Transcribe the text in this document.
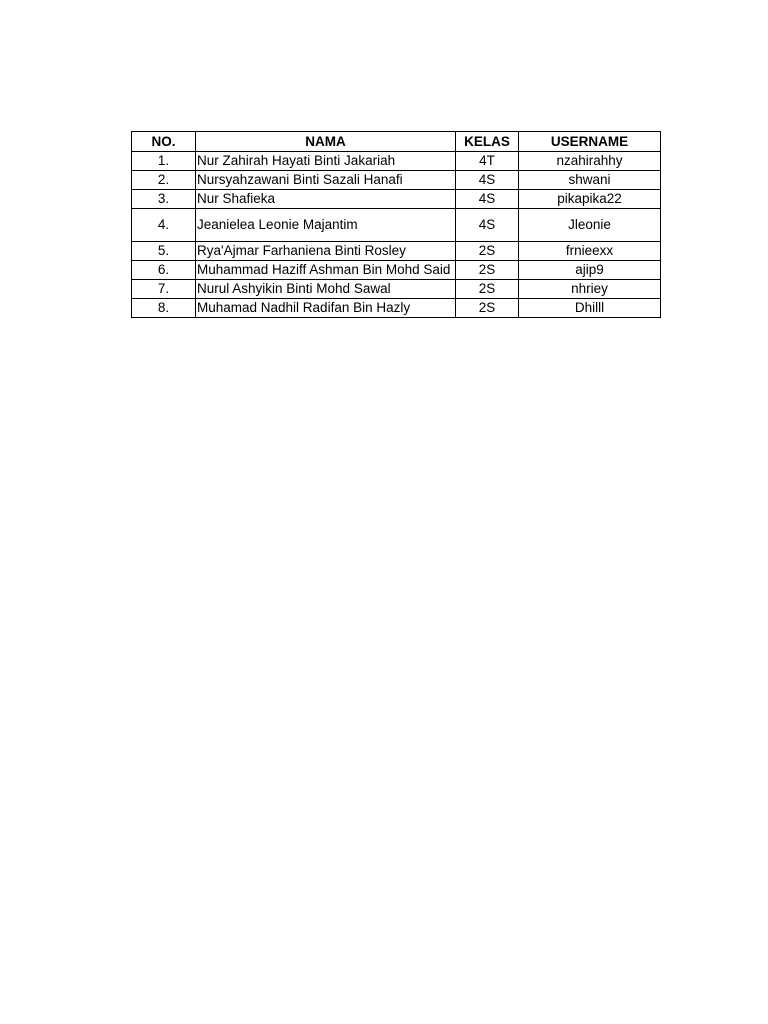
NO.	NAMA	KELAS	USERNAME
1.	Nur Zahirah Hayati Binti Jakariah	4T	nzahirahhy
2.	Nursyahzawani Binti Sazali Hanafi	4S	shwani
3.	Nur Shafieka	4S	pikapika22
4.	Jeanielea Leonie Majantim	4S	Jleonie
5.	Rya'Ajmar Farhaniena Binti Rosley	2S	frnieexx
6.	Muhammad Haziff Ashman Bin Mohd Said	2S	ajip9
7.	Nurul Ashyikin Binti Mohd Sawal	2S	nhriey
8.	Muhamad Nadhil Radifan Bin Hazly	2S	Dhilll
